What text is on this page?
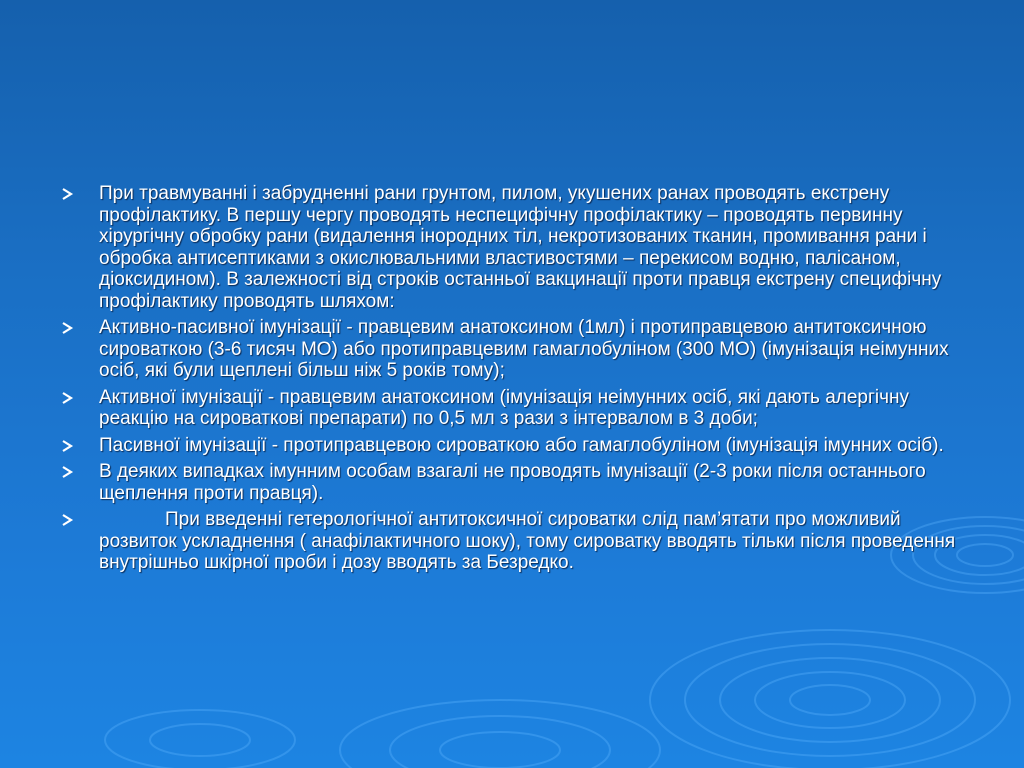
При травмуванні і забрудненні рани грунтом, пилом, укушених ранах проводять екстрену профілактику. В першу чергу проводять неспецифічну профілактику – проводять первинну хірургічну обробку рани (видалення інородних тіл, некротизованих тканин, промивання рани і обробка антисептиками з окислювальними властивостями – перекисом водню, палісаном, діоксидином). В залежності від строків останньої вакцинації проти правця екстрену специфічну профілактику проводять шляхом:
Активно-пасивної імунізації - правцевим анатоксином (1мл) і протиправцевою антитоксичною сироваткою (3-6 тисяч МО) або протиправцевим гамаглобуліном (300 МО) (імунізація неімунних осіб, які були щеплені більш ніж 5 років тому);
Активної імунізації - правцевим анатоксином (імунізація неімунних осіб, які дають алергічну реакцію на сироваткові препарати) по 0,5 мл з рази з інтервалом в 3 доби;
Пасивної імунізації - протиправцевою сироваткою або гамаглобуліном (імунізація імунних осіб).
В деяких випадках імунним особам взагалі не проводять імунізації (2-3 роки після останнього щеплення проти правця).
При введенні гетерологічної антитоксичної сироватки слід пам’ятати про можливий розвиток ускладнення ( анафілактичного шоку), тому сироватку вводять тільки після проведення внутрішньо шкірної проби і дозу вводять за Безредко.
